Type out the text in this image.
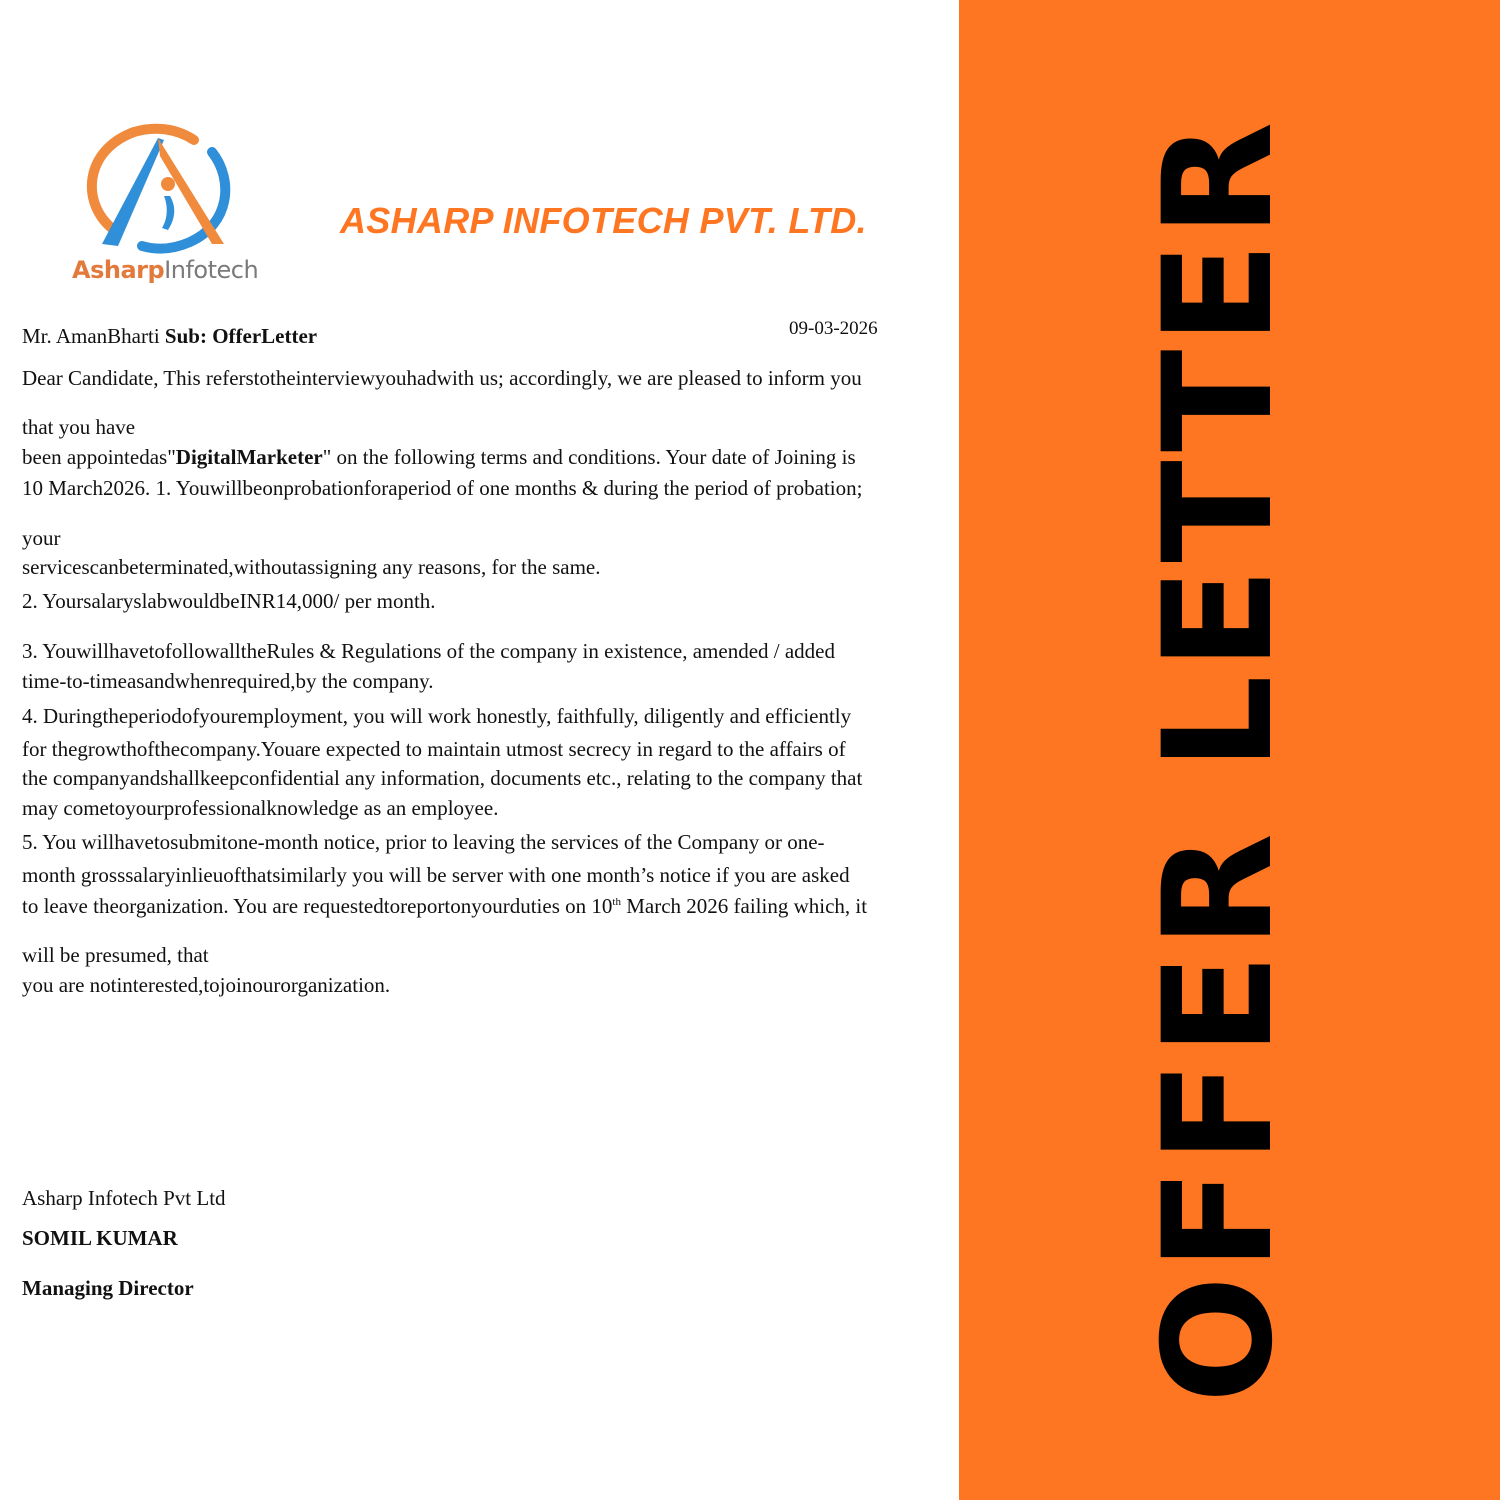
OFFER LETTER
AsharpInfotech
ASHARP INFOTECH PVT. LTD.
09-03-2026
Mr. AmanBharti Sub: OfferLetter
Dear Candidate, This referstotheinterviewyouhadwith us; accordingly, we are pleased to inform you
that you have
been appointedas"DigitalMarketer" on the following terms and conditions. Your date of Joining is
10 March2026. 1. Youwillbeonprobationforaperiod of one months & during the period of probation;
your
servicescanbeterminated,withoutassigning any reasons, for the same.
2. YoursalaryslabwouldbeINR14,000/ per month.
3. YouwillhavetofollowalltheRules & Regulations of the company in existence, amended / added
time-to-timeasandwhenrequired,by the company.
4. Duringtheperiodofyouremployment, you will work honestly, faithfully, diligently and efficiently
for thegrowthofthecompany.Youare expected to maintain utmost secrecy in regard to the affairs of
the companyandshallkeepconfidential any information, documents etc., relating to the company that
may cometoyourprofessionalknowledge as an employee.
5. You willhavetosubmitone-month notice, prior to leaving the services of the Company or one-
month grosssalaryinlieuofthatsimilarly you will be server with one month’s notice if you are asked
to leave theorganization. You are requestedtoreportonyourduties on 10th March 2026 failing which, it
will be presumed, that
you are notinterested,tojoinourorganization.
Asharp Infotech Pvt Ltd
SOMIL KUMAR
Managing Director
